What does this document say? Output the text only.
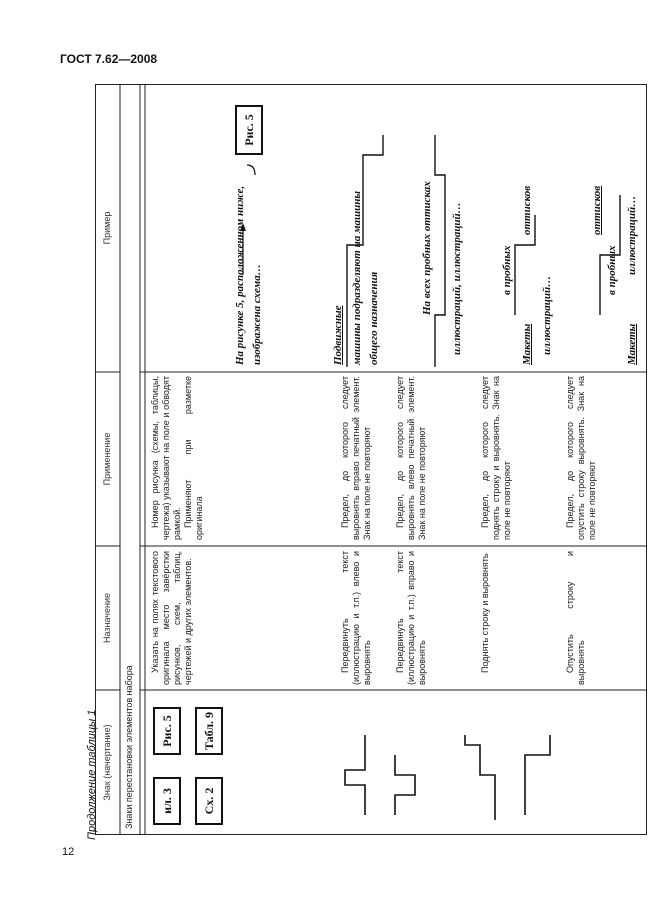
ГОСТ 7.62—2008
12
Продолжение таблицы 1 Знак (начертание)
Назначение
Применение
Пример
Знаки перестановки элементов набора	ил. 3
Рис. 5
Сх. 2
Табл. 9
Указать на полях текстового оригинала место завёрстки рисунков, схем, таблиц, чертежей и других элементов.
Номер рисунка (схемы, таблицы, чертежа) указывают на поле и обводят рамкой. Применяют при разметке оригинала
На рисунке 5, расположенном ниже, изображена схема…
Рис. 5
Передвинуть текст (иллюстрацию и т.п.) влево и выровнять
Предел, до которого следует выровнять вправо печатный элемент. Знак на поле не повторяют
Подвижные машины подразделяют на машины общего назначения
Передвинуть текст (иллюстрацию и т.п.) вправо и выровнять
Предел, до которого следует выровнять влево печатный элемент. Знак на поле не повторяют
На всех пробных оттисках иллюстраций, иллюстраций…
Поднять строку и выровнять
Предел, до которого следует поднять строку и выровнять. Знак на поле не повторяют
Макеты
оттисков
в пробных
иллюстраций…
Опустить строку и выровнять
Предел, до которого следует опустить строку выровнять. Знак на поле не повторяют
оттисков
в пробных
Макеты
иллюстраций…
